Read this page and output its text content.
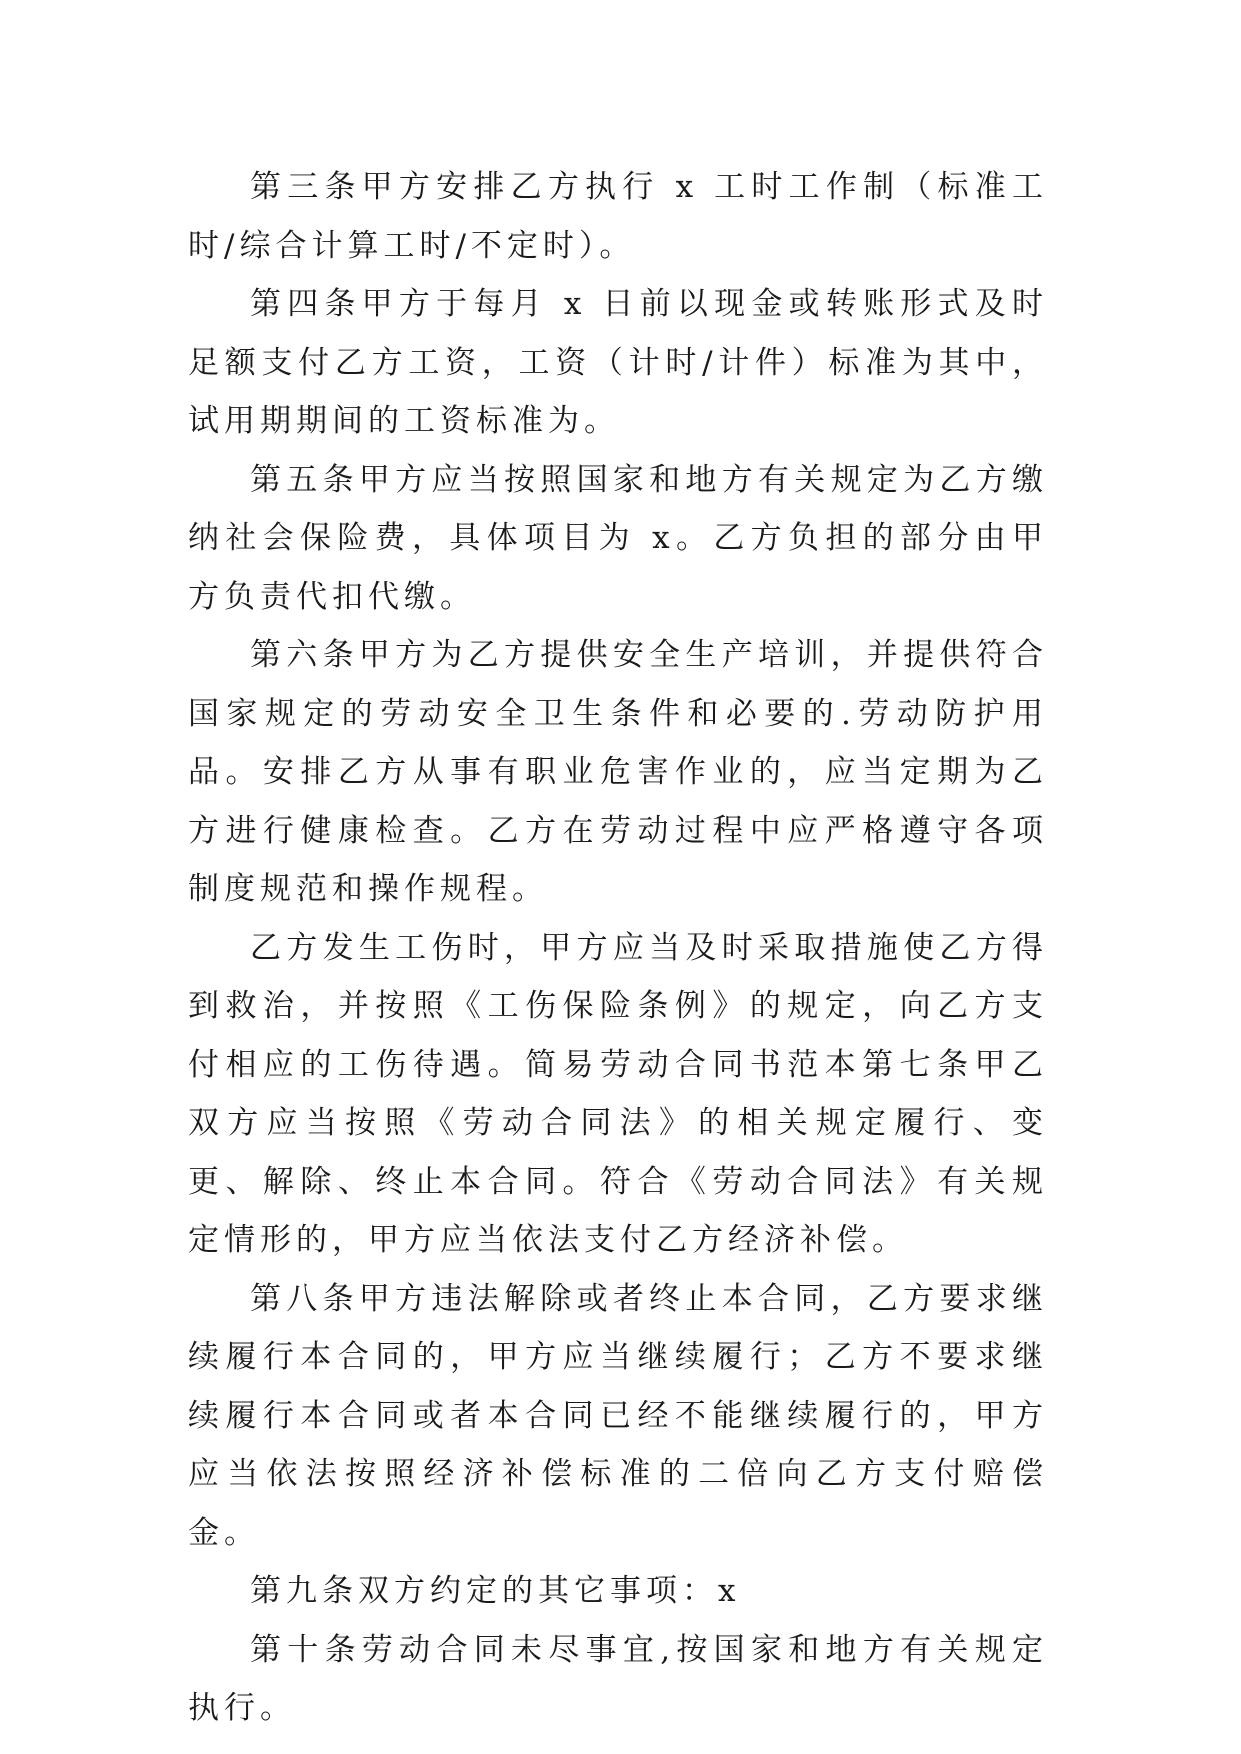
第三条甲方安排乙方执行 x 工时工作制（标准工时/综合计算工时/不定时）。

第四条甲方于每月 x 日前以现金或转账形式及时足额支付乙方工资，工资（计时/计件）标准为其中，试用期期间的工资标准为。

第五条甲方应当按照国家和地方有关规定为乙方缴纳社会保险费，具体项目为 x。乙方负担的部分由甲方负责代扣代缴。

第六条甲方为乙方提供安全生产培训，并提供符合国家规定的劳动安全卫生条件和必要的.劳动防护用品。安排乙方从事有职业危害作业的，应当定期为乙方进行健康检查。乙方在劳动过程中应严格遵守各项制度规范和操作规程。

乙方发生工伤时，甲方应当及时采取措施使乙方得到救治，并按照《工伤保险条例》的规定，向乙方支付相应的工伤待遇。简易劳动合同书范本第七条甲乙双方应当按照《劳动合同法》的相关规定履行、变更、解除、终止本合同。符合《劳动合同法》有关规定情形的，甲方应当依法支付乙方经济补偿。

第八条甲方违法解除或者终止本合同，乙方要求继续履行本合同的，甲方应当继续履行；乙方不要求继续履行本合同或者本合同已经不能继续履行的，甲方应当依法按照经济补偿标准的二倍向乙方支付赔偿金。

第九条双方约定的其它事项：x

第十条劳动合同未尽事宜,按国家和地方有关规定执行。
